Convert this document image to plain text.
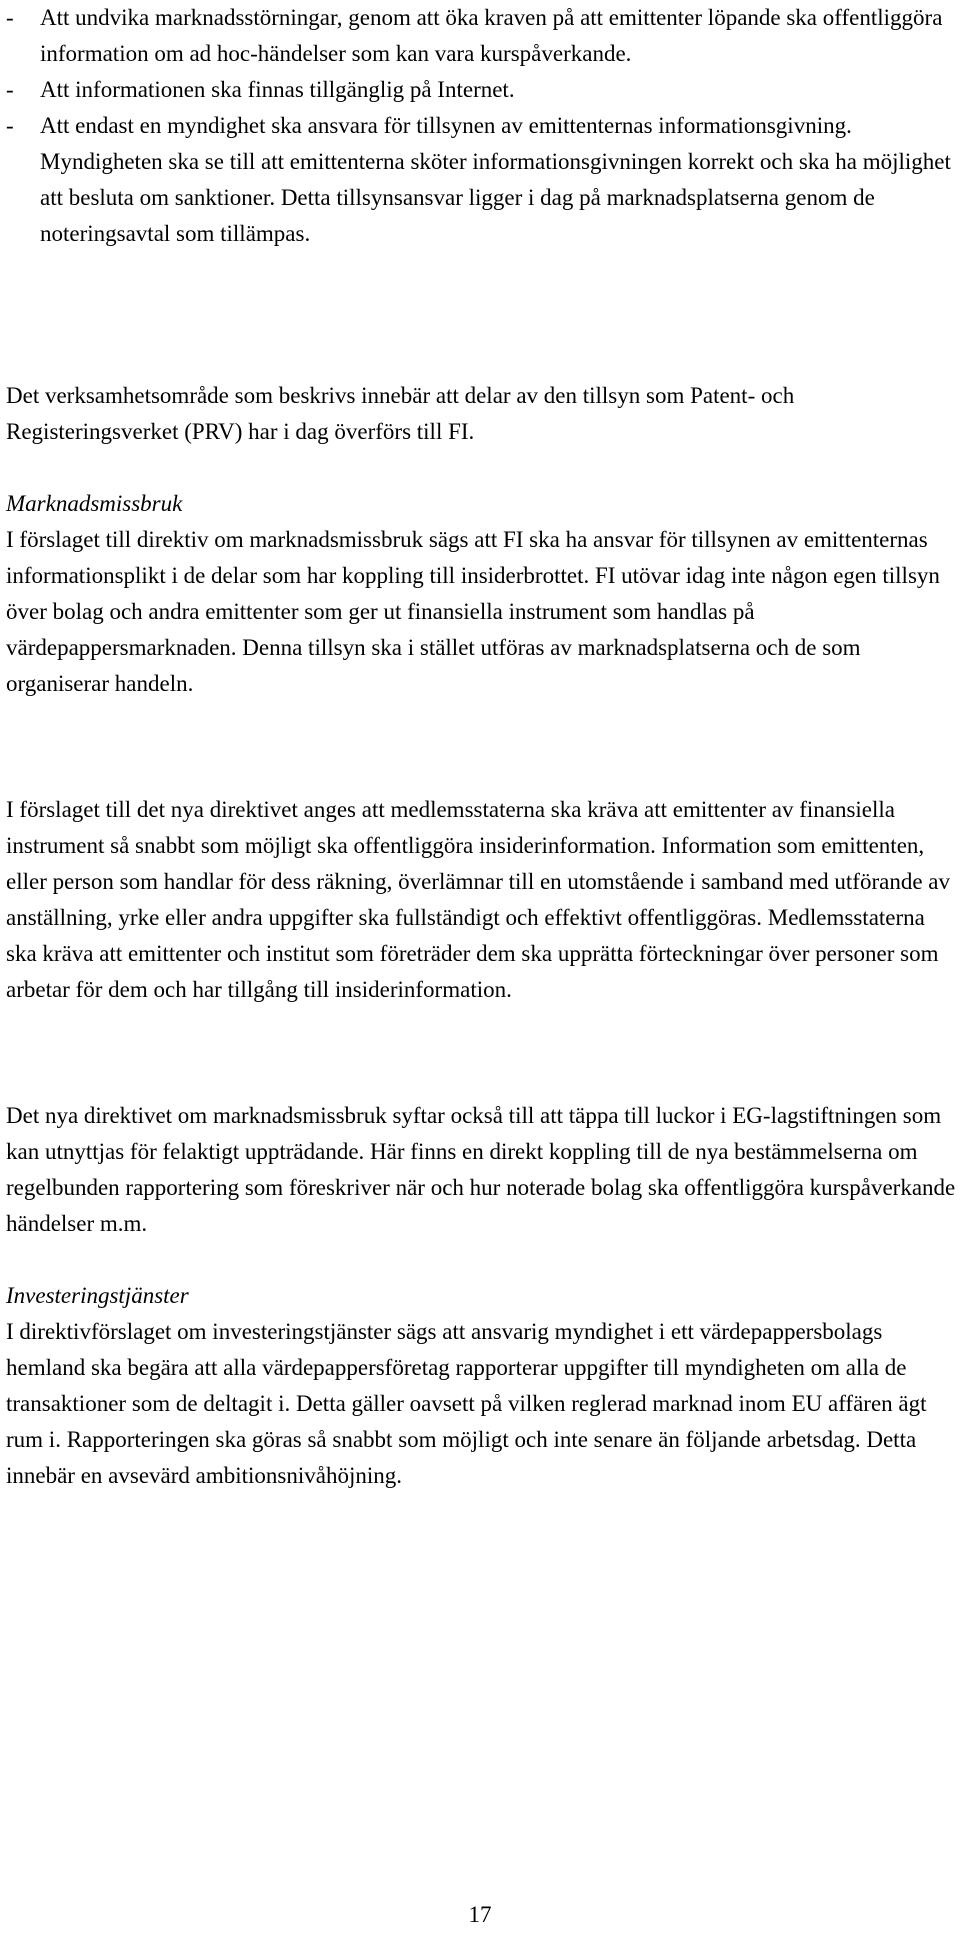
- Att undvika marknadsstörningar, genom att öka kraven på att emittenter löpande ska offentliggöra information om ad hoc-händelser som kan vara kurspåverkande.
- Att informationen ska finnas tillgänglig på Internet.
- Att endast en myndighet ska ansvara för tillsynen av emittenternas informationsgivning. Myndigheten ska se till att emittenterna sköter informationsgivningen korrekt och ska ha möjlighet att besluta om sanktioner. Detta tillsynsansvar ligger i dag på marknadsplatserna genom de noteringsavtal som tillämpas.

Det verksamhetsområde som beskrivs innebär att delar av den tillsyn som Patent- och Registeringsverket (PRV) har i dag överförs till FI.

Marknadsmissbruk

I förslaget till direktiv om marknadsmissbruk sägs att FI ska ha ansvar för tillsynen av emittenternas informationsplikt i de delar som har koppling till insiderbrottet. FI utövar idag inte någon egen tillsyn över bolag och andra emittenter som ger ut finansiella instrument som handlas på värdepappersmarknaden. Denna tillsyn ska i stället utföras av marknadsplatserna och de som organiserar handeln.

I förslaget till det nya direktivet anges att medlemsstaterna ska kräva att emittenter av finansiella instrument så snabbt som möjligt ska offentliggöra insiderinformation. Information som emittenten, eller person som handlar för dess räkning, överlämnar till en utomstående i samband med utförande av anställning, yrke eller andra uppgifter ska fullständigt och effektivt offentliggöras. Medlemsstaterna ska kräva att emittenter och institut som företräder dem ska upprätta förteckningar över personer som arbetar för dem och har tillgång till insiderinformation.

Det nya direktivet om marknadsmissbruk syftar också till att täppa till luckor i EG-lagstiftningen som kan utnyttjas för felaktigt uppträdande. Här finns en direkt koppling till de nya bestämmelserna om regelbunden rapportering som föreskriver när och hur noterade bolag ska offentliggöra kurspåverkande händelser m.m.

Investeringstjänster

I direktivförslaget om investeringstjänster sägs att ansvarig myndighet i ett värdepappersbolags hemland ska begära att alla värdepappersföretag rapporterar uppgifter till myndigheten om alla de transaktioner som de deltagit i. Detta gäller oavsett på vilken reglerad marknad inom EU affären ägt rum i. Rapporteringen ska göras så snabbt som möjligt och inte senare än följande arbetsdag. Detta innebär en avsevärd ambitionsnivåhöjning.

17
